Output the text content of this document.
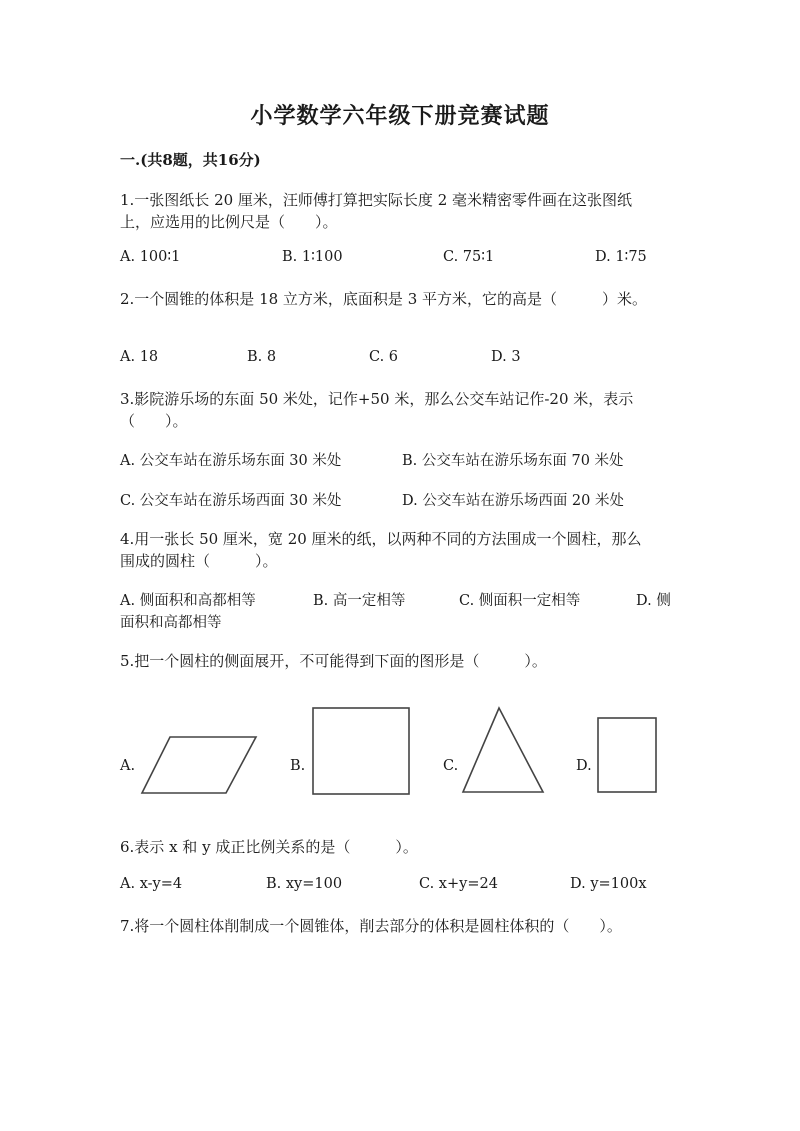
小学数学六年级下册竞赛试题
一.(共8题，共16分)
1.一张图纸长 20 厘米，汪师傅打算把实际长度 2 毫米精密零件画在这张图纸
上，应选用的比例尺是（　　）。
A. 100∶1	B. 1∶100	C. 75∶1	D. 1∶75
2.一个圆锥的体积是 18 立方米，底面积是 3 平方米，它的高是（　　　）米。
A. 18	B. 8	C. 6	D. 3
3.影院游乐场的东面 50 米处，记作+50 米，那么公交车站记作-20 米，表示
（　　）。
A. 公交车站在游乐场东面 30 米处	B. 公交车站在游乐场东面 70 米处
C. 公交车站在游乐场西面 30 米处	D. 公交车站在游乐场西面 20 米处
4.用一张长 50 厘米，宽 20 厘米的纸，以两种不同的方法围成一个圆柱，那么
围成的圆柱（　　　）。
A. 侧面积和高都相等	B. 高一定相等	C. 侧面积一定相等	D. 侧
面积和高都相等
5.把一个圆柱的侧面展开，不可能得到下面的图形是（　　　）。
A.	B.	C.	D.
6.表示 x 和 y 成正比例关系的是（　　　）。
A. x-y=4	B. xy=100	C. x+y=24	D. y=100x
7.将一个圆柱体削制成一个圆锥体，削去部分的体积是圆柱体积的（　　）。
